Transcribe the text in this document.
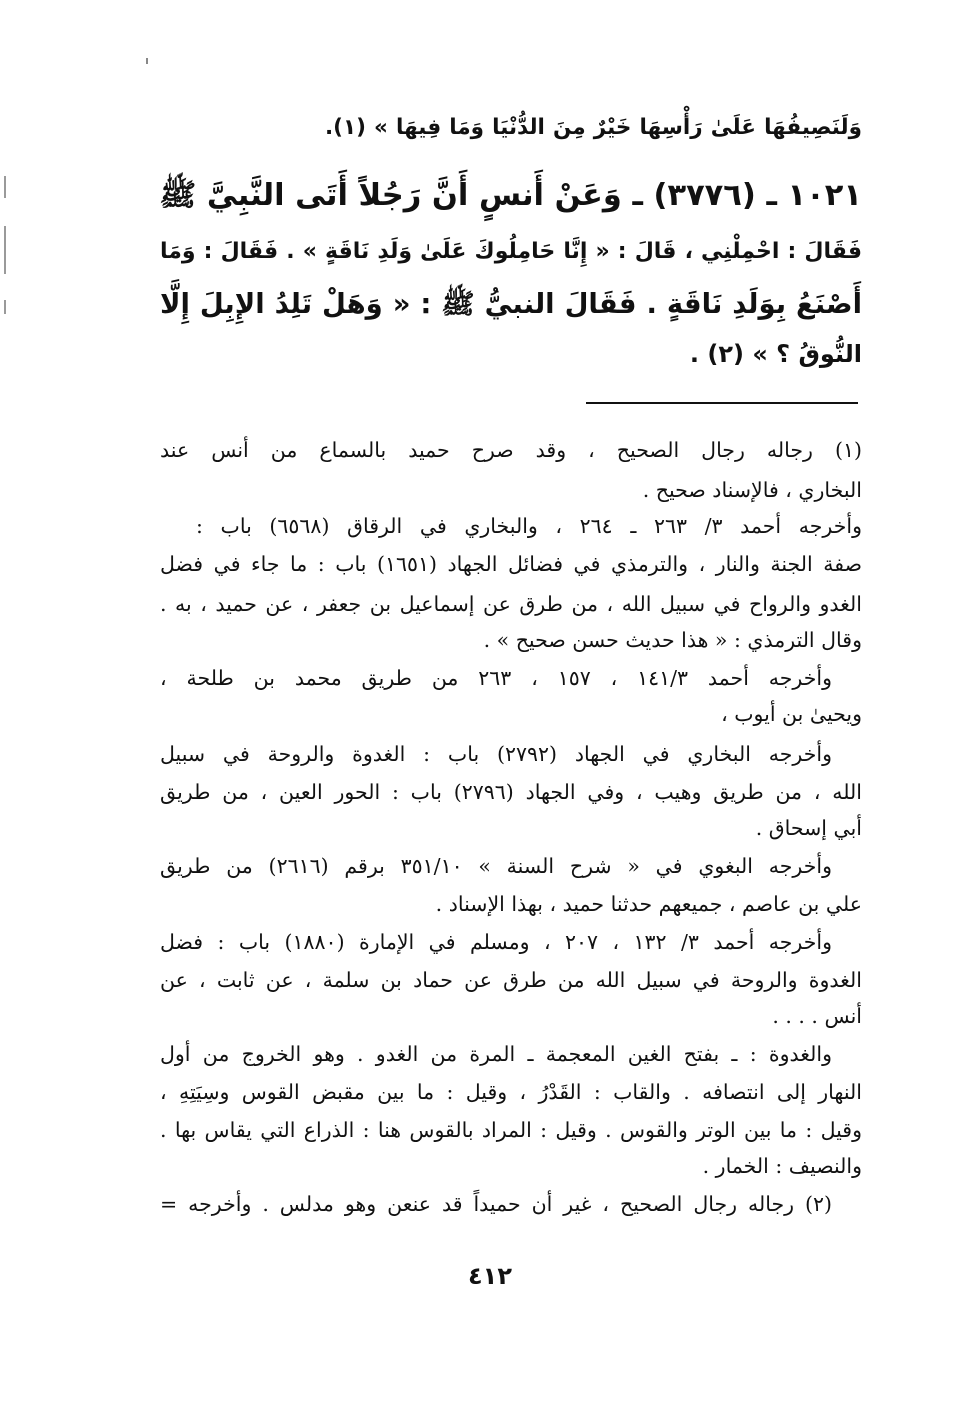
وَلَنَصِيفُهَا عَلَىٰ رَأْسِهَا خَيْرٌ مِنَ الدُّنْيَا وَمَا فِيهَا » (١).
١٠٢١ ـ (٣٧٧٦) ـ وَعَنْ أَنسٍ أَنَّ رَجُلاً أَتَى النَّبِيَّ ﷺ
فَقَالَ : احْمِلْنِي ، قَالَ : « إِنَّا حَامِلُوكَ عَلَىٰ وَلَدِ نَاقَةٍ » . فَقَالَ : وَمَا
أَصْنَعُ بِوَلَدِ نَاقَةٍ . فَقَالَ النبيُّ ﷺ : « وَهَلْ تَلِدُ الإِبِلَ إِلَّا
النُّوقُ ؟ » (٢) .
(١) رجاله رجال الصحيح ، وقد صرح حميد بالسماع من أنس عند
البخاري ، فالإسناد صحيح .
وأخرجه أحمد ٣/ ٢٦٣ ـ ٢٦٤ ، والبخاري في الرقاق (٦٥٦٨) باب :
صفة الجنة والنار ، والترمذي في فضائل الجهاد (١٦٥١) باب : ما جاء في فضل
الغدو والرواح في سبيل الله ، من طرق عن إسماعيل بن جعفر ، عن حميد ، به .
وقال الترمذي : « هذا حديث حسن صحيح » .
وأخرجه أحمد ١٤١/٣ ، ١٥٧ ، ٢٦٣ من طريق محمد بن طلحة ،
ويحيىٰ بن أيوب ،
وأخرجه البخاري في الجهاد (٢٧٩٢) باب : الغدوة والروحة في سبيل
الله ، من طريق وهيب ، وفي الجهاد (٢٧٩٦) باب : الحور العين ، من طريق
أبي إسحاق .
وأخرجه البغوي في « شرح السنة » ٣٥١/١٠ برقم (٢٦١٦) من طريق
علي بن عاصم ، جميعهم حدثنا حميد ، بهذا الإسناد .
وأخرجه أحمد ٣/ ١٣٢ ، ٢٠٧ ، ومسلم في الإمارة (١٨٨٠) باب : فضل
الغدوة والروحة في سبيل الله من طرق عن حماد بن سلمة ، عن ثابت ، عن
أنس . . . .
والغدوة : ـ بفتح الغين المعجمة ـ المرة من الغدو . وهو الخروج من أول
النهار إلى انتصافه . والقاب : القَدْرُ ، وقيل : ما بين مقبض القوس وسِيَتِهِ ،
وقيل : ما بين الوتر والقوس . وقيل : المراد بالقوس هنا : الذراع التي يقاس بها .
والنصيف : الخمار .
(٢) رجاله رجال الصحيح ، غير أن حميداً قد عنعن وهو مدلس . وأخرجه =
٤١٢
